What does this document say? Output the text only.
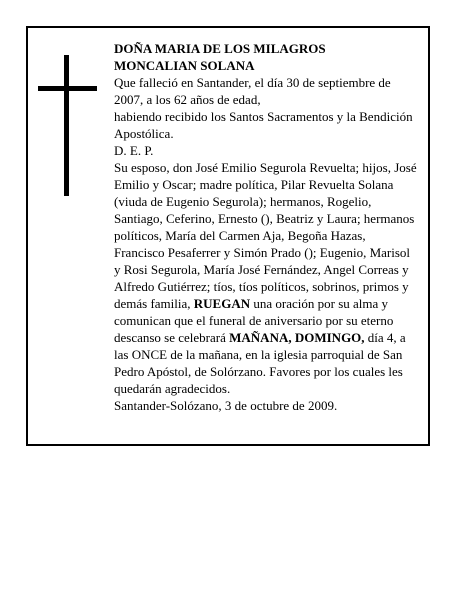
DOÑA MARIA DE LOS MILAGROS

MONCALIAN SOLANA

Que falleció en Santander, el día 30 de septiembre de 2007, a los 62 años de edad,

habiendo recibido los Santos Sacramentos y la Bendición Apostólica.

D. E. P.

Su esposo, don José Emilio Segurola Revuelta; hijos, José Emilio y Oscar; madre política, Pilar Revuelta Solana (viuda de Eugenio Segurola); hermanos, Rogelio, Santiago, Ceferino, Ernesto (), Beatriz y Laura; hermanos políticos, María del Carmen Aja, Begoña Hazas, Francisco Pesaferrer y Simón Prado (); Eugenio, Marisol y Rosi Segurola, María José Fernández, Angel Correas y Alfredo Gutiérrez; tíos, tíos políticos, sobrinos, primos y demás familia, RUEGAN una oración por su alma y comunican que el funeral de aniversario por su eterno descanso se celebrará MAÑANA, DOMINGO, día 4, a las ONCE de la mañana, en la iglesia parroquial de San Pedro Apóstol, de Solórzano. Favores por los cuales les quedarán agradecidos.

Santander-Solózano, 3 de octubre de 2009.
